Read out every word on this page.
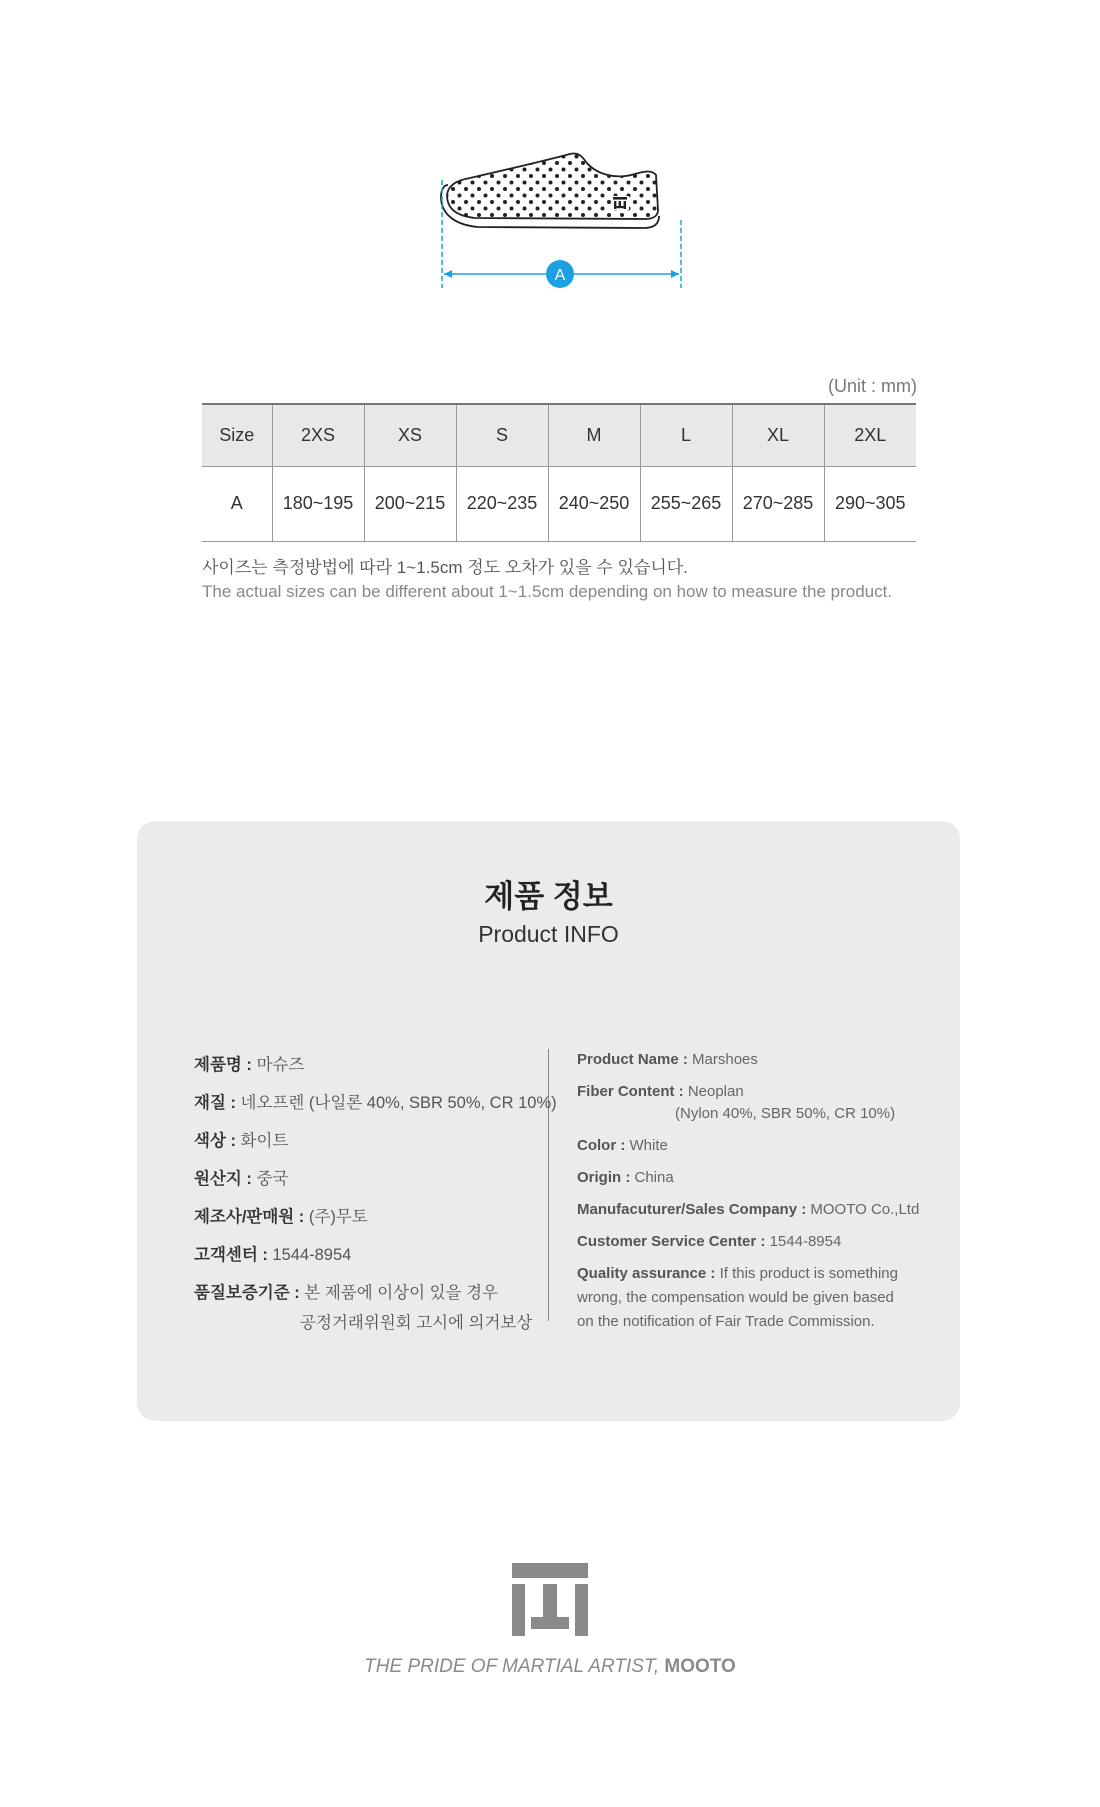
A
(Unit : mm)
Size	2XS	XS	S	M	L	XL	2XL
A	180~195	200~215	220~235	240~250	255~265	270~285	290~305
사이즈는 측정방법에 따라 1~1.5cm 정도 오차가 있을 수 있습니다.
The actual sizes can be different about 1~1.5cm depending on how to measure the product.
제품 정보
Product INFO
제품명 : 마슈즈
재질 : 네오프렌 (나일론 40%, SBR 50%, CR 10%)
색상 : 화이트
원산지 : 중국
제조사/판매원 : (주)무토
고객센터 : 1544-8954
품질보증기준 : 본 제품에 이상이 있을 경우
공정거래위원회 고시에 의거보상
Product Name : Marshoes
Fiber Content : Neoplan
(Nylon 40%, SBR 50%, CR 10%)
Color : White
Origin : China
Manufacuturer/Sales Company : MOOTO Co.,Ltd
Customer Service Center : 1544-8954
Quality assurance : If this product is something
wrong, the compensation would be given based
on the notification of Fair Trade Commission.
THE PRIDE OF MARTIAL ARTIST, MOOTO
